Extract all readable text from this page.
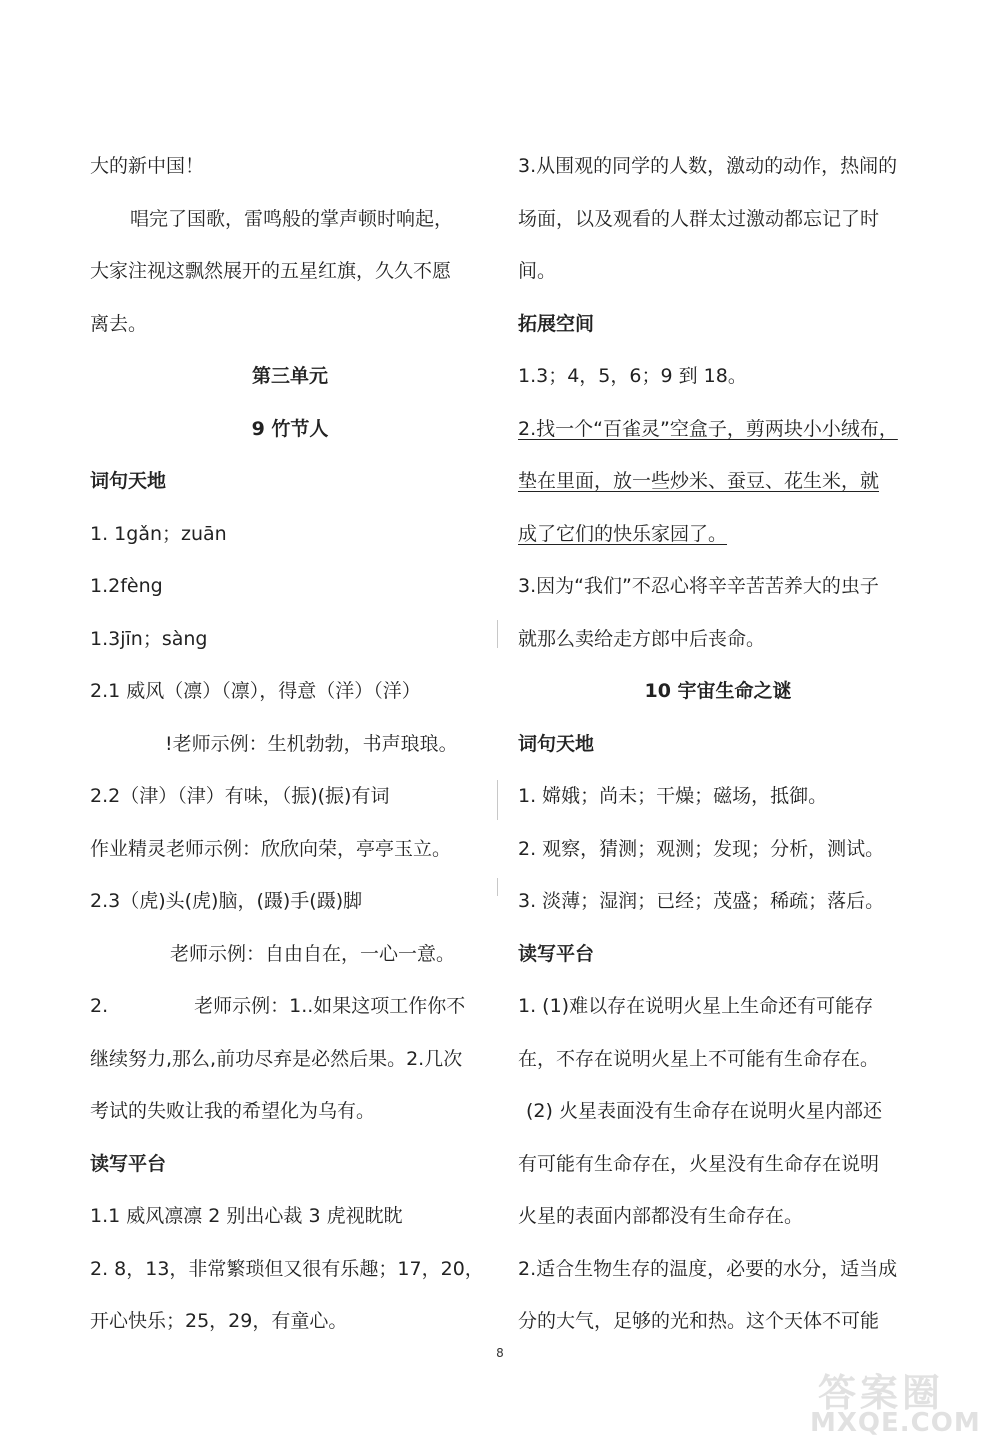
大的新中国！
唱完了国歌，雷鸣般的掌声顿时响起，
大家注视这飘然展开的五星红旗，久久不愿
离去。
第三单元
9 竹节人
词句天地
1. 1gǎn；zuān
1.2fèng
1.3jīn；sàng
2.1 威风（凛）（凛），得意（洋）（洋）
!老师示例：生机勃勃，书声琅琅。
2.2（津）（津）有味，（振)(振)有词
作业精灵老师示例：欣欣向荣，亭亭玉立。
2.3（虎)头(虎)脑，(蹑)手(蹑)脚
老师示例：自由自在，一心一意。
2.	老师示例：1..如果这项工作你不
继续努力,那么,前功尽弃是必然后果。2.几次
考试的失败让我的希望化为乌有。
读写平台
1.1 威风凛凛 2 别出心裁 3 虎视眈眈
2. 8，13，非常繁琐但又很有乐趣；17，20，
开心快乐；25，29，有童心。
3.从围观的同学的人数，激动的动作，热闹的
场面，以及观看的人群太过激动都忘记了时
间。
拓展空间
1.3；4，5，6；9 到 18。
2.找一个“百雀灵”空盒子，剪两块小小绒布，
垫在里面，放一些炒米、蚕豆、花生米，就
成了它们的快乐家园了。
3.因为“我们”不忍心将辛辛苦苦养大的虫子
就那么卖给走方郎中后丧命。
10 宇宙生命之谜
词句天地
1. 嫦娥；尚未；干燥；磁场，抵御。
2. 观察，猜测；观测；发现；分析，测试。
3. 淡薄；湿润；已经；茂盛；稀疏；落后。
读写平台
1. (1)难以存在说明火星上生命还有可能存
在，不存在说明火星上不可能有生命存在。
(2) 火星表面没有生命存在说明火星内部还
有可能有生命存在，火星没有生命存在说明
火星的表面内部都没有生命存在。
2.适合生物生存的温度，必要的水分，适当成
分的大气，足够的光和热。这个天体不可能
8
答案圈
MXQE.COM
